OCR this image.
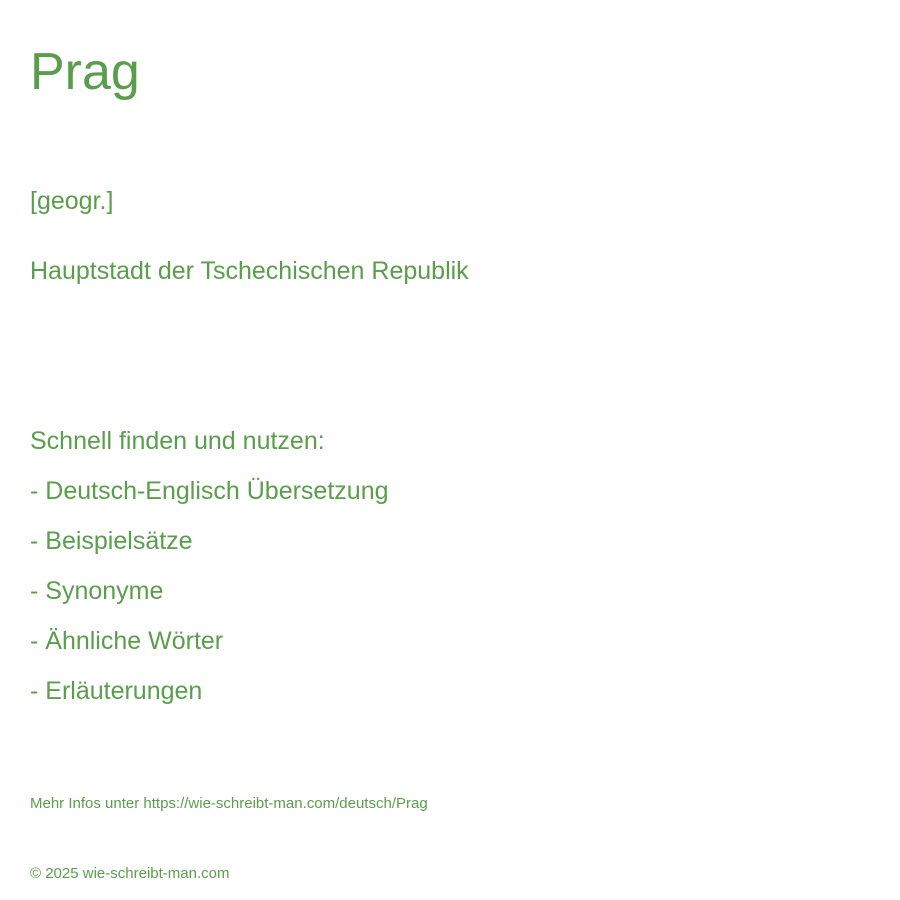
Prag
[geogr.]
Hauptstadt der Tschechischen Republik
Schnell finden und nutzen:
- Deutsch-Englisch Übersetzung
- Beispielsätze
- Synonyme
- Ähnliche Wörter
- Erläuterungen
Mehr Infos unter https://wie-schreibt-man.com/deutsch/Prag
© 2025 wie-schreibt-man.com
